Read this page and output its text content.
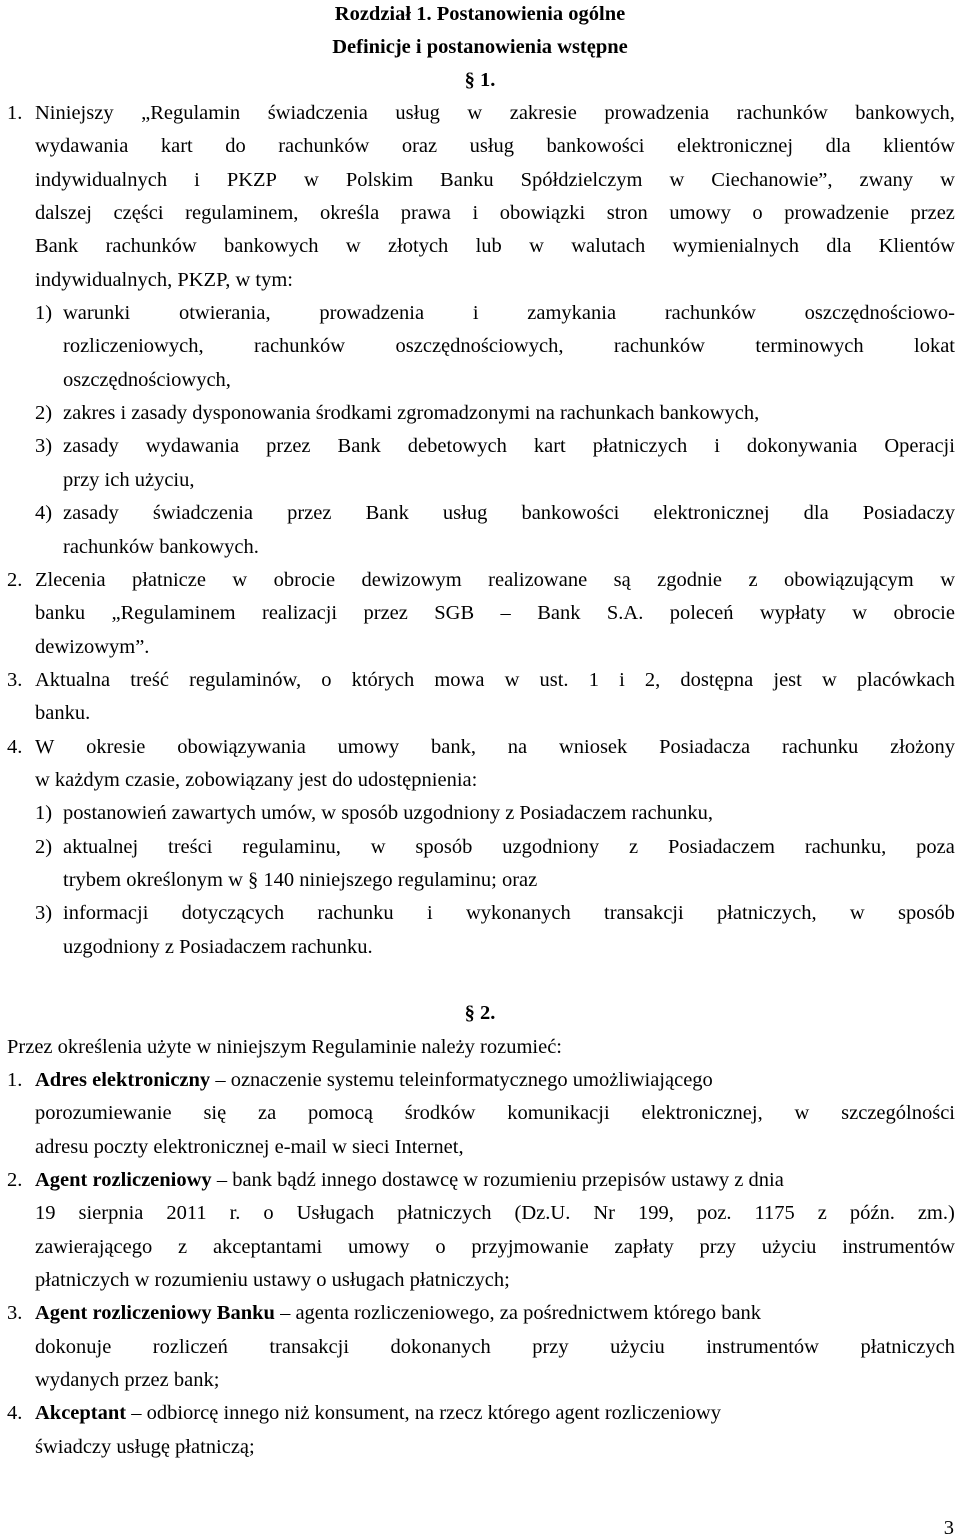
Rozdział 1. Postanowienia ogólne
Definicje i postanowienia wstępne
§ 1.
1. Niniejszy „Regulamin świadczenia usług w zakresie prowadzenia rachunków bankowych,
wydawania kart do rachunków oraz usług bankowości elektronicznej dla klientów
indywidualnych i PKZP w Polskim Banku Spółdzielczym w Ciechanowie”, zwany w
dalszej części regulaminem, określa prawa i obowiązki stron umowy o prowadzenie przez
Bank rachunków bankowych w złotych lub w walutach wymienialnych dla Klientów
indywidualnych, PKZP, w tym:
1) warunki otwierania, prowadzenia i zamykania rachunków oszczędnościowo-
rozliczeniowych, rachunków oszczędnościowych, rachunków terminowych lokat
oszczędnościowych,
2) zakres i zasady dysponowania środkami zgromadzonymi na rachunkach bankowych,
3) zasady wydawania przez Bank debetowych kart płatniczych i dokonywania Operacji
przy ich użyciu,
4) zasady świadczenia przez Bank usług bankowości elektronicznej dla Posiadaczy
rachunków bankowych.
2. Zlecenia płatnicze w obrocie dewizowym realizowane są zgodnie z obowiązującym w
banku „Regulaminem realizacji przez SGB – Bank S.A. poleceń wypłaty w obrocie
dewizowym”.
3. Aktualna treść regulaminów, o których mowa w ust. 1 i 2, dostępna jest w placówkach
banku.
4. W okresie obowiązywania umowy bank, na wniosek Posiadacza rachunku złożony
w każdym czasie, zobowiązany jest do udostępnienia:
1) postanowień zawartych umów, w sposób uzgodniony z Posiadaczem rachunku,
2) aktualnej treści regulaminu, w sposób uzgodniony z Posiadaczem rachunku, poza
trybem określonym w § 140 niniejszego regulaminu; oraz
3) informacji dotyczących rachunku i wykonanych transakcji płatniczych, w sposób
uzgodniony z Posiadaczem rachunku.
§ 2.
Przez określenia użyte w niniejszym Regulaminie należy rozumieć:
1. Adres elektroniczny – oznaczenie systemu teleinformatycznego umożliwiającego
porozumiewanie się za pomocą środków komunikacji elektronicznej, w szczególności
adresu poczty elektronicznej e-mail w sieci Internet,
2. Agent rozliczeniowy – bank bądź innego dostawcę w rozumieniu przepisów ustawy z dnia
19 sierpnia 2011 r. o Usługach płatniczych (Dz.U. Nr 199, poz. 1175 z późn. zm.)
zawierającego z akceptantami umowy o przyjmowanie zapłaty przy użyciu instrumentów
płatniczych w rozumieniu ustawy o usługach płatniczych;
3. Agent rozliczeniowy Banku – agenta rozliczeniowego, za pośrednictwem którego bank
dokonuje rozliczeń transakcji dokonanych przy użyciu instrumentów płatniczych
wydanych przez bank;
4. Akceptant – odbiorcę innego niż konsument, na rzecz którego agent rozliczeniowy
świadczy usługę płatniczą;
3
